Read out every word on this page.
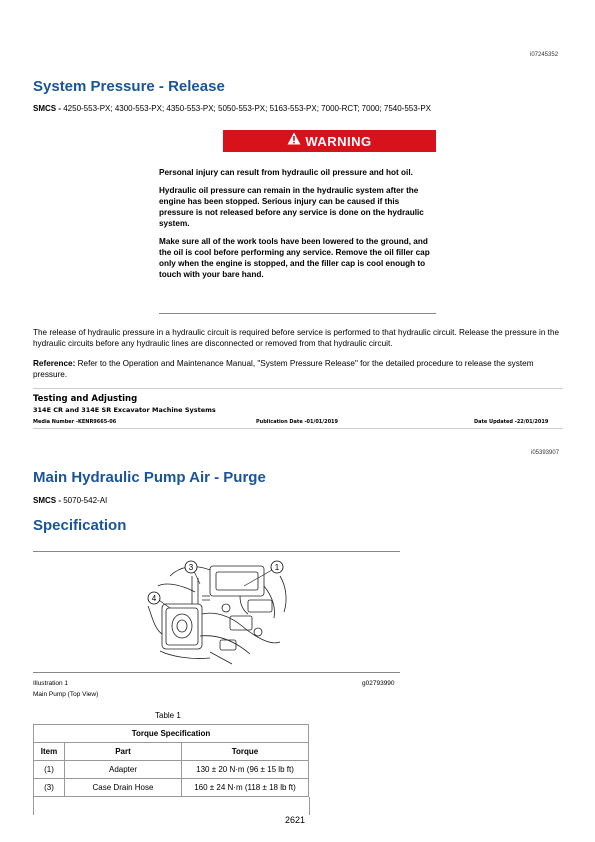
i07245352
System Pressure - Release
SMCS - 4250-553-PX; 4300-553-PX; 4350-553-PX; 5050-553-PX; 5163-553-PX; 7000-RCT; 7000; 7540-553-PX
WARNING

Personal injury can result from hydraulic oil pressure and hot oil.

Hydraulic oil pressure can remain in the hydraulic system after the engine has been stopped. Serious injury can be caused if this pressure is not released before any service is done on the hydraulic system.

Make sure all of the work tools have been lowered to the ground, and the oil is cool before performing any service. Remove the oil filler cap only when the engine is stopped, and the filler cap is cool enough to touch with your bare hand.

The release of hydraulic pressure in a hydraulic circuit is required before service is performed to that hydraulic circuit. Release the pressure in the hydraulic circuits before any hydraulic lines are disconnected or removed from that hydraulic circuit.
Reference: Refer to the Operation and Maintenance Manual, "System Pressure Release" for the detailed procedure to release the system pressure.
Testing and Adjusting
314E CR and 314E SR Excavator Machine Systems
Media Number -KENR9665-06	Publication Date -01/01/2019	Date Updated -22/01/2019
i05393907
Main Hydraulic Pump Air - Purge
SMCS - 5070-542-AI
Specification
1
3
4
Illustration 1	g02793990
Main Pump (Top View)
Table 1
Torque Specification		
Item	Part	Torque
(1)	Adapter	130 ± 20 N·m (96 ± 15 lb ft)
(3)	Case Drain Hose	160 ± 24 N·m (118 ± 18 lb ft)
2621
